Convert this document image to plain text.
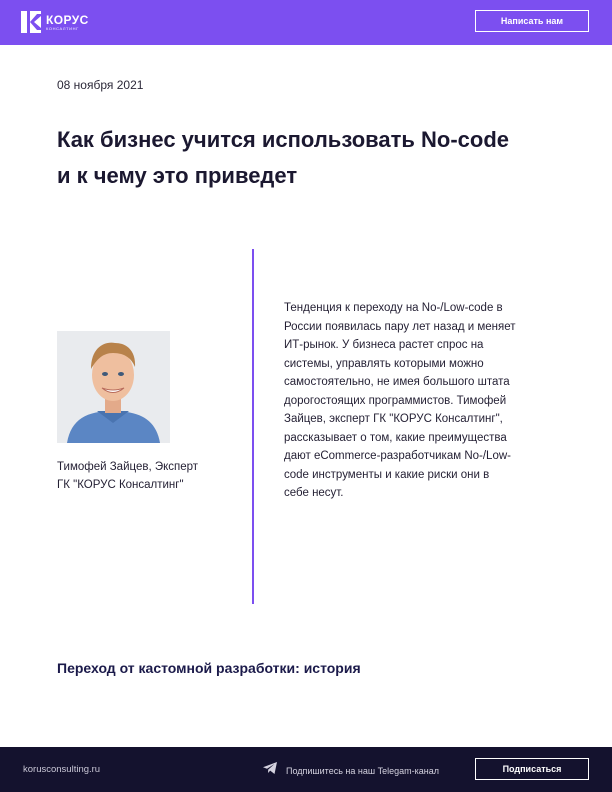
КОРУС
КОНСАЛТИНГ
Написать нам
08 ноября 2021
Как бизнес учится использовать No-code и к чему это приведет
Тимофей Зайцев, Эксперт ГК "КОРУС Консалтинг"
Тенденция к переходу на No-/Low-code в России появилась пару лет назад и меняет ИТ-рынок. У бизнеса растет спрос на системы, управлять которыми можно самостоятельно, не имея большого штата дорогостоящих программистов. Тимофей Зайцев, эксперт ГК "КОРУС Консалтинг", рассказывает о том, какие преимущества дают eCommerce-разработчикам No-/Low-code инструменты и какие риски они в себе несут.
Переход от кастомной разработки: история
korusconsulting.ru	Подпишитесь на наш Telegam-канал	Подписаться
